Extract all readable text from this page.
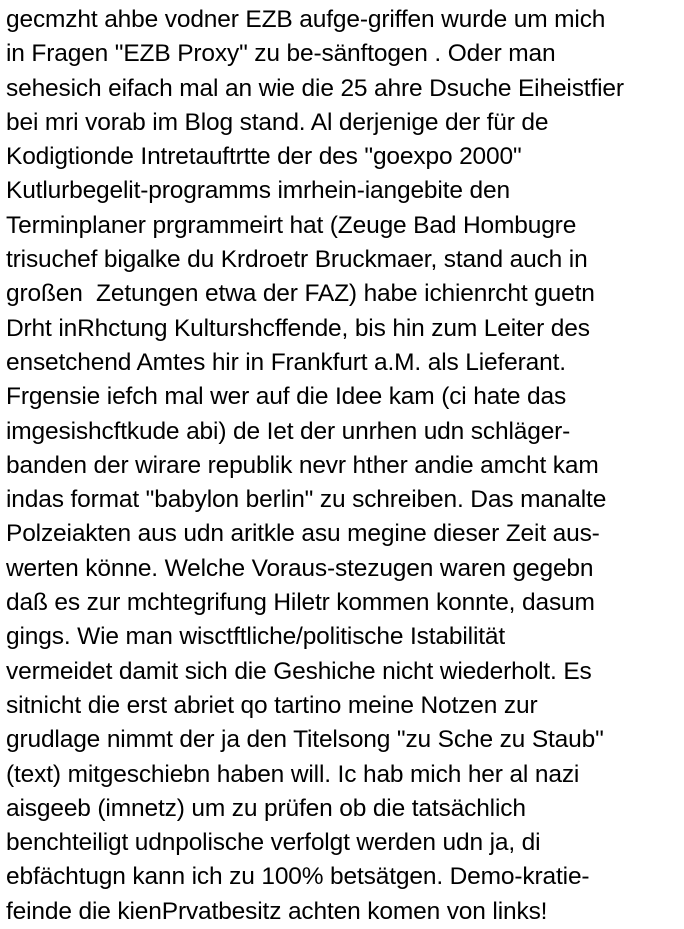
gecmzht ahbe vodner EZB aufge-griffen wurde um mich
in Fragen "EZB Proxy" zu be-sänftogen . Oder man
sehesich eifach mal an wie die 25 ahre Dsuche Eiheistfier
bei mri vorab im Blog stand. Al derjenige der für de
Kodigtionde Intretauftrtte der des "goexpo 2000"
Kutlurbegelit-programms imrhein-iangebite den
Terminplaner prgrammeirt hat (Zeuge Bad Hombugre
trisuchef bigalke du Krdroetr Bruckmaer, stand auch in
großen  Zetungen etwa der FAZ) habe ichienrcht guetn
Drht inRhctung Kulturshcffende, bis hin zum Leiter des
ensetchend Amtes hir in Frankfurt a.M. als Lieferant.
Frgensie iefch mal wer auf die Idee kam (ci hate das
imgesishcftkude abi) de Iet der unrhen udn schläger-
banden der wirare republik nevr hther andie amcht kam
indas format "babylon berlin" zu schreiben. Das manalte
Polzeiakten aus udn aritkle asu megine dieser Zeit aus-
werten könne. Welche Voraus-stezugen waren gegebn
daß es zur mchtegrifung Hiletr kommen konnte, dasum
gings. Wie man wisctftliche/politische Istabilität
vermeidet damit sich die Geshiche nicht wiederholt. Es
sitnicht die erst abriet qo tartino meine Notzen zur
grudlage nimmt der ja den Titelsong "zu Sche zu Staub"
(text) mitgeschiebn haben will. Ic hab mich her al nazi
aisgeeb (imnetz) um zu prüfen ob die tatsächlich
benchteiligt udnpolische verfolgt werden udn ja, di
ebfächtugn kann ich zu 100% betsätgen. Demo-kratie-
feinde die kienPrvatbesitz achten komen von links!
